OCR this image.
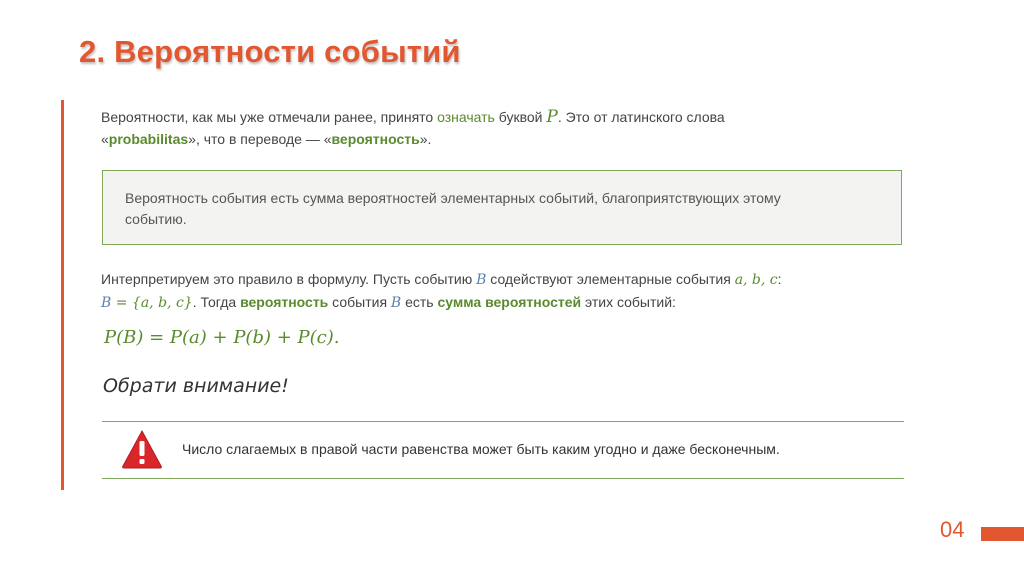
2. Вероятности событий
Вероятности, как мы уже отмечали ранее, принято означать буквой P. Это от латинского слова «probabilitas», что в переводе — «вероятность».
Вероятность события есть сумма вероятностей элементарных событий, благоприятствующих этому событию.
Интерпретируем это правило в формулу. Пусть событию B содействуют элементарные события a, b, c:
B = {a, b, c}. Тогда вероятность события B есть сумма вероятностей этих событий:
P(B) = P(a) + P(b) + P(c).
Обрати внимание!
Число слагаемых в правой части равенства может быть каким угодно и даже бесконечным.
04
